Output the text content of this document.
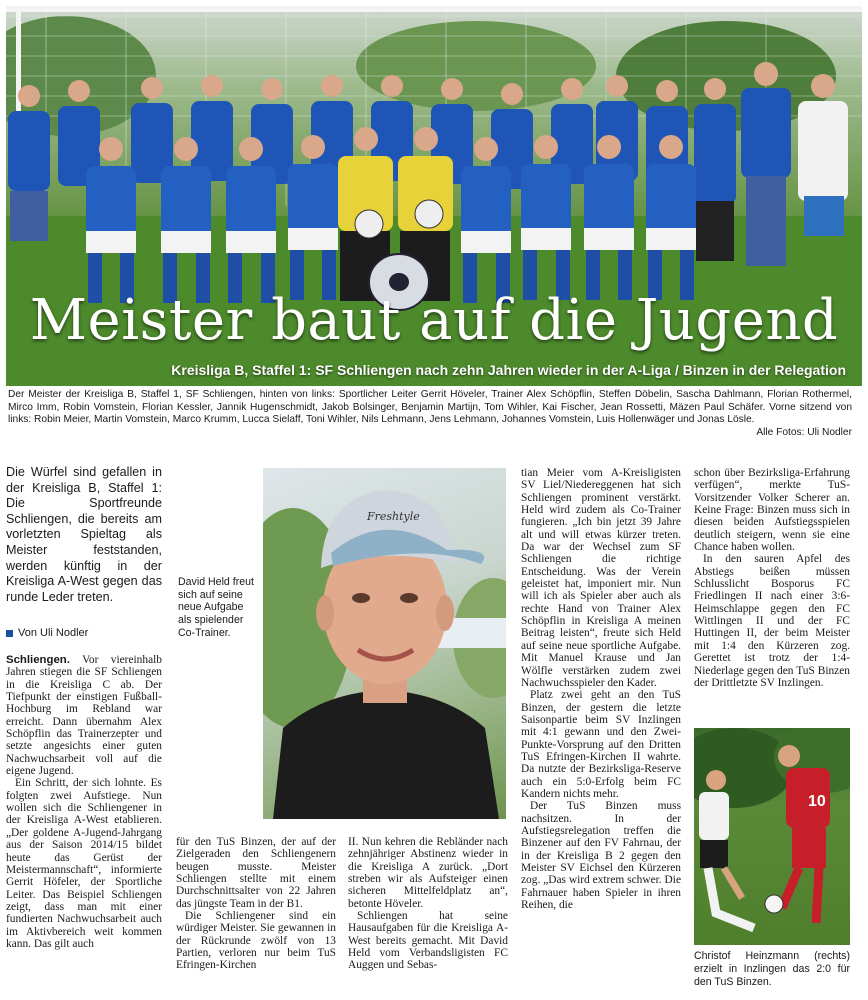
Meister baut auf die Jugend
Kreisliga B, Staffel 1: SF Schliengen nach zehn Jahren wieder in der A-Liga / Binzen in der Relegation
Der Meister der Kreisliga B, Staffel 1, SF Schliengen, hinten von links: Sportlicher Leiter Gerrit Höveler, Trainer Alex Schöpflin, Steffen Döbelin, Sascha Dahlmann, Florian Rothermel, Mirco Imm, Robin Vomstein, Florian Kessler, Jannik Hugenschmidt, Jakob Bolsinger, Benjamin Martijn, Tom Wihler, Kai Fischer, Jean Rossetti, Mäzen Paul Schäfer. Vorne sitzend von links: Robin Meier, Martin Vomstein, Marco Krumm, Lucca Sielaff, Toni Wihler, Nils Lehmann, Jens Lehmann, Johannes Vomstein, Luis Hollenwäger und Jonas Lösle.
Alle Fotos: Uli Nodler
Die Würfel sind gefallen in der Kreisliga B, Staffel 1: Die Sportfreunde Schliengen, die bereits am vorletzten Spieltag als Meister feststanden, werden künftig in der Kreisliga A-West gegen das runde Leder treten.
Von Uli Nodler

Schliengen. Vor viereinhalb Jahren stiegen die SF Schliengen in die Kreisliga C ab. Der Tiefpunkt der einstigen Fußball-Hochburg im Rebland war erreicht. Dann übernahm Alex Schöpflin das Trainerzepter und setzte angesichts einer guten Nachwuchsarbeit voll auf die eigene Jugend.

Ein Schritt, der sich lohnte. Es folgten zwei Aufstiege. Nun wollen sich die Schliengener in der Kreisliga A-West etablieren. „Der goldene A-Jugend-Jahrgang aus der Saison 2014/15 bildet heute das Gerüst der Meistermannschaft“, informierte Gerrit Höfeler, der Sportliche Leiter. Das Beispiel Schliengen zeigt, dass man mit einer fundierten Nachwuchsarbeit auch im Aktivbereich weit kommen kann. Das gilt auch

David Held freut sich auf seine neue Aufgabe als spielender Co-Trainer.
Freshtyle

für den TuS Binzen, der auf der Zielgeraden den Schliengenern beugen musste. Meister Schliengen stellte mit einem Durchschnittsalter von 22 Jahren das jüngste Team in der B1.

Die Schliengener sind ein würdiger Meister. Sie gewannen in der Rückrunde zwölf von 13 Partien, verloren nur beim TuS Efringen-Kirchen

II. Nun kehren die Rebländer nach zehnjähriger Abstinenz wieder in die Kreisliga A zurück. „Dort streben wir als Aufsteiger einen sicheren Mittelfeldplatz an“, betonte Höveler.

Schliengen hat seine Hausaufgaben für die Kreisliga A-West bereits gemacht. Mit David Held vom Verbandsligisten FC Auggen und Sebas-

tian Meier vom A-Kreisligisten SV Liel/Niedereggenen hat sich Schliengen prominent verstärkt. Held wird zudem als Co-Trainer fungieren. „Ich bin jetzt 39 Jahre alt und will etwas kürzer treten. Da war der Wechsel zum SF Schliengen die richtige Entscheidung. Was der Verein geleistet hat, imponiert mir. Nun will ich als Spieler aber auch als rechte Hand von Trainer Alex Schöpflin in Kreisliga A meinen Beitrag leisten“, freute sich Held auf seine neue sportliche Aufgabe. Mit Manuel Krause und Jan Wölfle verstärken zudem zwei Nachwuchsspieler den Kader.

Platz zwei geht an den TuS Binzen, der gestern die letzte Saisonpartie beim SV Inzlingen mit 4:1 gewann und den Zwei-Punkte-Vorsprung auf den Dritten TuS Efringen-Kirchen II wahrte. Da nutzte der Bezirksliga-Reserve auch ein 5:0-Erfolg beim FC Kandern nichts mehr.

Der TuS Binzen muss nachsitzen. In der Aufstiegsrelegation treffen die Binzener auf den FV Fahrnau, der in der Kreisliga B 2 gegen den Meister SV Eichsel den Kürzeren zog. „Das wird extrem schwer. Die Fahrnauer haben Spieler in ihren Reihen, die

schon über Bezirksliga-Erfahrung verfügen“, merkte TuS-Vorsitzender Volker Scherer an. Keine Frage: Binzen muss sich in diesen beiden Aufstiegsspielen deutlich steigern, wenn sie eine Chance haben wollen.

In den sauren Apfel des Abstiegs beißen müssen Schlusslicht Bosporus FC Friedlingen II nach einer 3:6-Heimschlappe gegen den FC Wittlingen II und der FC Huttingen II, der beim Meister mit 1:4 den Kürzeren zog. Gerettet ist trotz der 1:4-Niederlage gegen den TuS Binzen der Drittletzte SV Inzlingen.

10
Christof Heinzmann (rechts) erzielt in Inzlingen das 2:0 für den TuS Binzen.
